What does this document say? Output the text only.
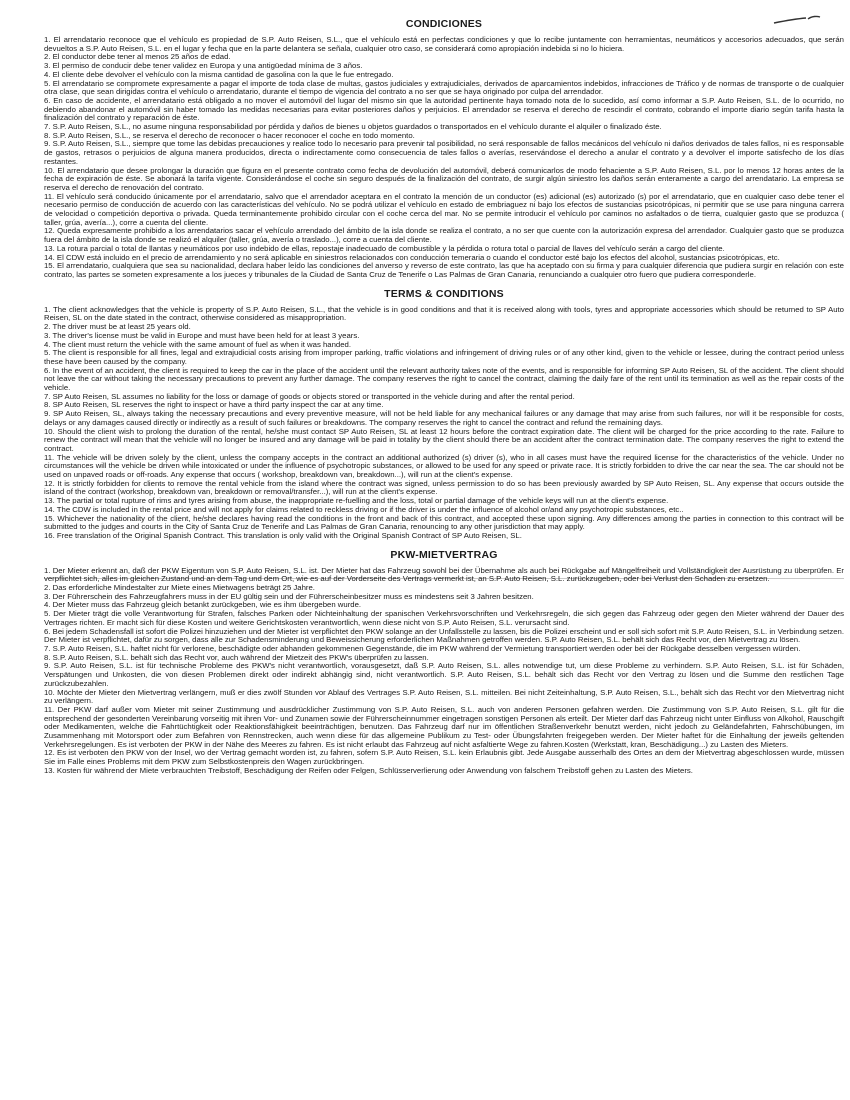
CONDICIONES

1. El arrendatario reconoce que el vehículo es propiedad de S.P. Auto Reisen, S.L., que el vehículo está en perfectas condiciones y que lo recibe juntamente con herramientas, neumáticos y accesorios adecuados, que serán devueltos a S.P. Auto Reisen, S.L. en el lugar y fecha que en la parte delantera se señala, cualquier otro caso, se considerará como apropiación indebida si no lo hiciera.

2. El conductor debe tener al menos 25 años de edad.

3. El permiso de conducir debe tener validez en Europa y una antigüedad mínima de 3 años.

4. El cliente debe devolver el vehículo con la misma cantidad de gasolina con la que le fue entregado.

5. El arrendatario se compromete expresamente a pagar el importe de toda clase de multas, gastos judiciales y extrajudiciales, derivados de aparcamientos indebidos, infracciones de Tráfico y de normas de transporte o de cualquier otra clase, que sean dirigidas contra el vehículo o arrendatario, durante el tiempo de vigencia del contrato a no ser que se haya originado por culpa del arrendador.

6. En caso de accidente, el arrendatario está obligado a no mover el automóvil del lugar del mismo sin que la autoridad pertinente haya tomado nota de lo sucedido, así como informar a S.P. Auto Reisen, S.L. de lo ocurrido, no debiendo abandonar el automóvil sin haber tomado las medidas necesarias para evitar posteriores daños y perjuicios. El arrendador se reserva el derecho de rescindir el contrato, cobrando el importe diario según tarifa hasta la finalización del contrato y reparación de éste.

7. S.P. Auto Reisen, S.L., no asume ninguna responsabilidad por pérdida y daños de bienes u objetos guardados o transportados en el vehículo durante el alquiler o finalizado éste.

8. S.P. Auto Reisen, S.L., se reserva el derecho de reconocer o hacer reconocer el coche en todo momento.

9. S.P. Auto Reisen, S.L., siempre que tome las debidas precauciones y realice todo lo necesario para prevenir tal posibilidad, no será responsable de fallos mecánicos del vehículo ni daños derivados de tales fallos, ni es responsable de gastos, retrasos o perjuicios de alguna manera producidos, directa o indirectamente como consecuencia de tales fallos o averías, reservándose el derecho a anular el contrato y a devolver el importe satisfecho de los días restantes.

10. El arrendatario que desee prolongar la duración que figura en el presente contrato como fecha de devolución del automóvil, deberá comunicarlos de modo fehaciente a S.P. Auto Reisen, S.L. por lo menos 12 horas antes de la fecha de expiración de éste. Se abonará la tarifa vigente. Considerándose el coche sin seguro después de la finalización del contrato, de surgir algún siniestro los daños serán enteramente a cargo del arrendatario. La empresa se reserva el derecho de renovación del contrato.

11. El vehículo será conducido únicamente por el arrendatario, salvo que el arrendador aceptara en el contrato la mención de un conductor (es) adicional (es) autorizado (s) por el arrendatario, que en cualquier caso debe tener el necesario permiso de conducción de acuerdo con las características del vehículo. No se podrá utilizar el vehículo en estado de embriaguez ni bajo los efectos de sustancias psicotrópicas, ni permitir que se use para ninguna carrera de velocidad o competición deportiva o privada. Queda terminantemente prohibido circular con el coche cerca del mar. No se permite introducir el vehículo por caminos no asfaltados o de tierra, cualquier gasto que se produzca ( taller, grúa, avería...), corre a cuenta del cliente.

12. Queda expresamente prohibido a los arrendatarios sacar el vehículo arrendado del ámbito de la isla donde se realiza el contrato, a no ser que cuente con la autorización expresa del arrendador. Cualquier gasto que se produzca fuera del ámbito de la isla donde se realizó el alquiler (taller, grúa, avería o traslado...), corre a cuenta del cliente.

13. La rotura parcial o total de llantas y neumáticos por uso indebido de ellas, repostaje inadecuado de combustible y la pérdida o rotura total o parcial de llaves del vehículo serán a cargo del cliente.

14. El CDW está incluido en el precio de arrendamiento y no será aplicable en siniestros relacionados con conducción temeraria o cuando el conductor esté bajo los efectos del alcohol, sustancias psicotrópicas, etc.

15. El arrendatario, cualquiera que sea su nacionalidad, declara haber leído las condiciones del anverso y reverso de este contrato, las que ha aceptado con su firma y para cualquier diferencia que pudiera surgir en relación con este contrato, las partes se someten expresamente a los jueces y tribunales de la Ciudad de Santa Cruz de Tenerife o Las Palmas de Gran Canaria, renunciando a cualquier otro fuero que pudiera corresponderle.

TERMS & CONDITIONS

1. The client acknowledges that the vehicle is property of S.P. Auto Reisen, S.L., that the vehicle is in good conditions and that it is received along with tools, tyres and appropriate accessories which should be returned to SP Auto Reisen, SL on the date stated in the contract, otherwise considered as misappropriation.

2. The driver must be at least 25 years old.

3. The driver's license must be valid in Europe and must have been held for at least 3 years.

4. The client must return the vehicle with the same amount of fuel as when it was handed.

5. The client is responsible for all fines, legal and extrajudicial costs arising from improper parking, traffic violations and infringement of driving rules or of any other kind, given to the vehicle or lessee, during the contract period unless these have been caused by the company.

6. In the event of an accident, the client is required to keep the car in the place of the accident until the relevant authority takes note of the events, and is responsible for informing SP Auto Reisen, SL of the accident. The client should not leave the car without taking the necessary precautions to prevent any further damage. The company reserves the right to cancel the contract, claiming the daily fare of the rent until its termination as well as the repair costs of the vehicle.

7. SP Auto Reisen, SL assumes no liability for the loss or damage of goods or objects stored or transported in the vehicle during and after the rental period.

8. SP Auto Reisen, SL reserves the right to inspect or have a third party inspect the car at any time.

9. SP Auto Reisen, SL, always taking the necessary precautions and every preventive measure, will not be held liable for any mechanical failures or any damage that may arise from such failures, nor will it be responsible for costs, delays or any damages caused directly or indirectly as a result of such failures or breakdowns. The company reserves the right to cancel the contract and refund the remaining days.

10. Should the client wish to prolong the duration of the rental, he/she must contact SP Auto Reisen, SL at least 12 hours before the contract expiration date. The client will be charged for the price according to the rate. Failure to renew the contract will mean that the vehicle will no longer be insured and any damage will be paid in totality by the client should there be an accident after the contract termination date. The company reserves the right to extend the contract.

11. The vehicle will be driven solely by the client, unless the company accepts in the contract an additional authorized (s) driver (s), who in all cases must have the required license for the characteristics of the vehicle. Under no circumstances will the vehicle be driven while intoxicated or under the influence of psychotropic substances, or allowed to be used for any speed or private race. It is strictly forbidden to drive the car near the sea. The car should not be used on unpaved roads or off-roads. Any expense that occurs ( workshop, breakdown van, breakdown...), will run at the client's expense.

12. It is strictly forbidden for clients to remove the rental vehicle from the island where the contract was signed, unless permission to do so has been previously awarded by SP Auto Reisen, SL. Any expense that occurs outside the island of the contract (workshop, breakdown van, breakdown or removal/transfer...), will run at the client's expense.

13. The partial or total rupture of rims and tyres arising from abuse, the inappropriate re-fuelling and the loss, total or partial damage of the vehicle keys will run at the client's expense.

14. The CDW is included in the rental price and will not apply for claims related to reckless driving or if the driver is under the influence of alcohol or/and any psychotropic substances, etc..

15. Whichever the nationality of the client, he/she declares having read the conditions in the front and back of this contract, and accepted these upon signing. Any differences among the parties in connection to this contract will be submitted to the judges and courts in the City of Santa Cruz de Tenerife and Las Palmas de Gran Canaria, renouncing to any other jurisdiction that may apply.

16. Free translation of the Original Spanish Contract. This translation is only valid with the Original Spanish Contract of SP Auto Reisen, SL.

PKW-MIETVERTRAG

1. Der Mieter erkennt an, daß der PKW Eigentum von S.P. Auto Reisen, S.L. ist. Der Mieter hat das Fahrzeug sowohl bei der Übernahme als auch bei Rückgabe auf Mängelfreiheit und Vollständigkeit der Ausrüstung zu überprüfen. Er verpflichtet sich, alles im gleichen Zustand und an dem Tag und dem Ort, wie es auf der Vorderseite des Vertrags vermerkt ist, an S.P. Auto Reisen, S.L. zurückzugeben, oder bei Verlust den Schaden zu ersetzen.

2. Das erforderliche Mindestalter zur Miete eines Mietwagens beträgt 25 Jahre.

3. Der Führerschein des Fahrzeugfahrers muss in der EU gültig sein und der Führerscheinbesitzer muss es mindestens seit 3 Jahren besitzen.

4. Der Mieter muss das Fahrzeug gleich betankt zurückgeben, wie es ihm übergeben wurde.

5. Der Mieter trägt die volle Verantwortung für Strafen, falsches Parken oder Nichteinhaltung der spanischen Verkehrsvorschriften und Verkehrsregeln, die sich gegen das Fahrzeug oder gegen den Mieter während der Dauer des Vertrages richten. Er macht sich für diese Kosten und weitere Gerichtskosten verantwortlich, wenn diese nicht von S.P. Auto Reisen, S.L. verursacht sind.

6. Bei jedem Schadensfall ist sofort die Polizei hinzuziehen und der Mieter ist verpflichtet den PKW solange an der Unfallsstelle zu lassen, bis die Polizei erscheint und er soll sich sofort mit S.P. Auto Reisen, S.L. in Verbindung setzen. Der Mieter ist verpflichtet, dafür zu sorgen, dass alle zur Schadensminderung und Beweissicherung erforderlichen Maßnahmen getroffen werden. S.P. Auto Reisen, S.L. behält sich das Recht vor, den Mietvertrag zu lösen.

7. S.P. Auto Reisen, S.L. haftet nicht für verlorene, beschädigte oder abhanden gekommenen Gegenstände, die im PKW während der Vermietung transportiert werden oder bei der Rückgabe desselben vergessen würden.

8. S.P. Auto Reisen, S.L. behält sich das Recht vor, auch während der Mietzeit des PKW's überprüfen zu lassen.

9. S.P. Auto Reisen, S.L. ist für technische Probleme des PKW's nicht verantwortlich, vorausgesetzt, daß S.P. Auto Reisen, S.L. alles notwendige tut, um diese Probleme zu verhindern. S.P. Auto Reisen, S.L. ist für Schäden, Verspätungen und Unkosten, die von diesen Problemen direkt oder indirekt abhängig sind, nicht verantwortlich. S.P. Auto Reisen, S.L. behält sich das Recht vor den Vertrag zu lösen und die Summe den restlichen Tage zurückzubezahlen.

10. Möchte der Mieter den Mietvertrag verlängern, muß er dies zwölf Stunden vor Ablauf des Vertrages S.P. Auto Reisen, S.L. mitteilen. Bei nicht Zeiteinhaltung, S.P. Auto Reisen, S.L., behält sich das Recht vor den Mietvertrag nicht zu verlängern.

11. Der PKW darf außer vom Mieter mit seiner Zustimmung und ausdrücklicher Zustimmung von S.P. Auto Reisen, S.L. auch von anderen Personen gefahren werden. Die Zustimmung von S.P. Auto Reisen, S.L. gilt für die entsprechend der gesonderten Vereinbarung vorseitig mit ihren Vor- und Zunamen sowie der Führerscheinnummer eingetragen sonstigen Personen als erteilt. Der Mieter darf das Fahrzeug nicht unter Einfluss von Alkohol, Rauschgift oder Medikamenten, welche die Fahrtüchtigkeit oder Reaktionsfähigkeit beeinträchtigen, benutzen. Das Fahrzeug darf nur im öffentlichen Straßenverkehr benutzt werden, nicht jedoch zu Geländefahrten, Fahrschübungen, im Zusammenhang mit Motorsport oder zum Befahren von Rennstrecken, auch wenn diese für das allgemeine Publikum zu Test- oder Übungsfahrten freigegeben werden. Der Mieter haftet für die Einhaltung der jeweils geltenden Verkehrsregelungen. Es ist verboten der PKW in der Nähe des Meeres zu fahren. Es ist nicht erlaubt das Fahrzeug auf nicht asfaltierte Wege zu fahren.Kosten (Werkstatt, kran, Beschädigung...) zu Lasten des Mieters.

12. Es ist verboten den PKW von der Insel, wo der Vertrag gemacht worden ist, zu fahren, sofern S.P. Auto Reisen, S.L. kein Erlaubnis gibt. Jede Ausgabe ausserhalb des Ortes an dem der Mietvertrag abgeschlossen wurde, müssen Sie im Falle eines Problems mit dem PKW zum Selbstkostenpreis den Wagen zurückbringen.

13. Kosten für während der Miete verbrauchten Treibstoff, Beschädigung der Reifen oder Felgen, Schlüsserverlierung oder Anwendung von falschem Treibstoff gehen zu Lasten des Mieters.
